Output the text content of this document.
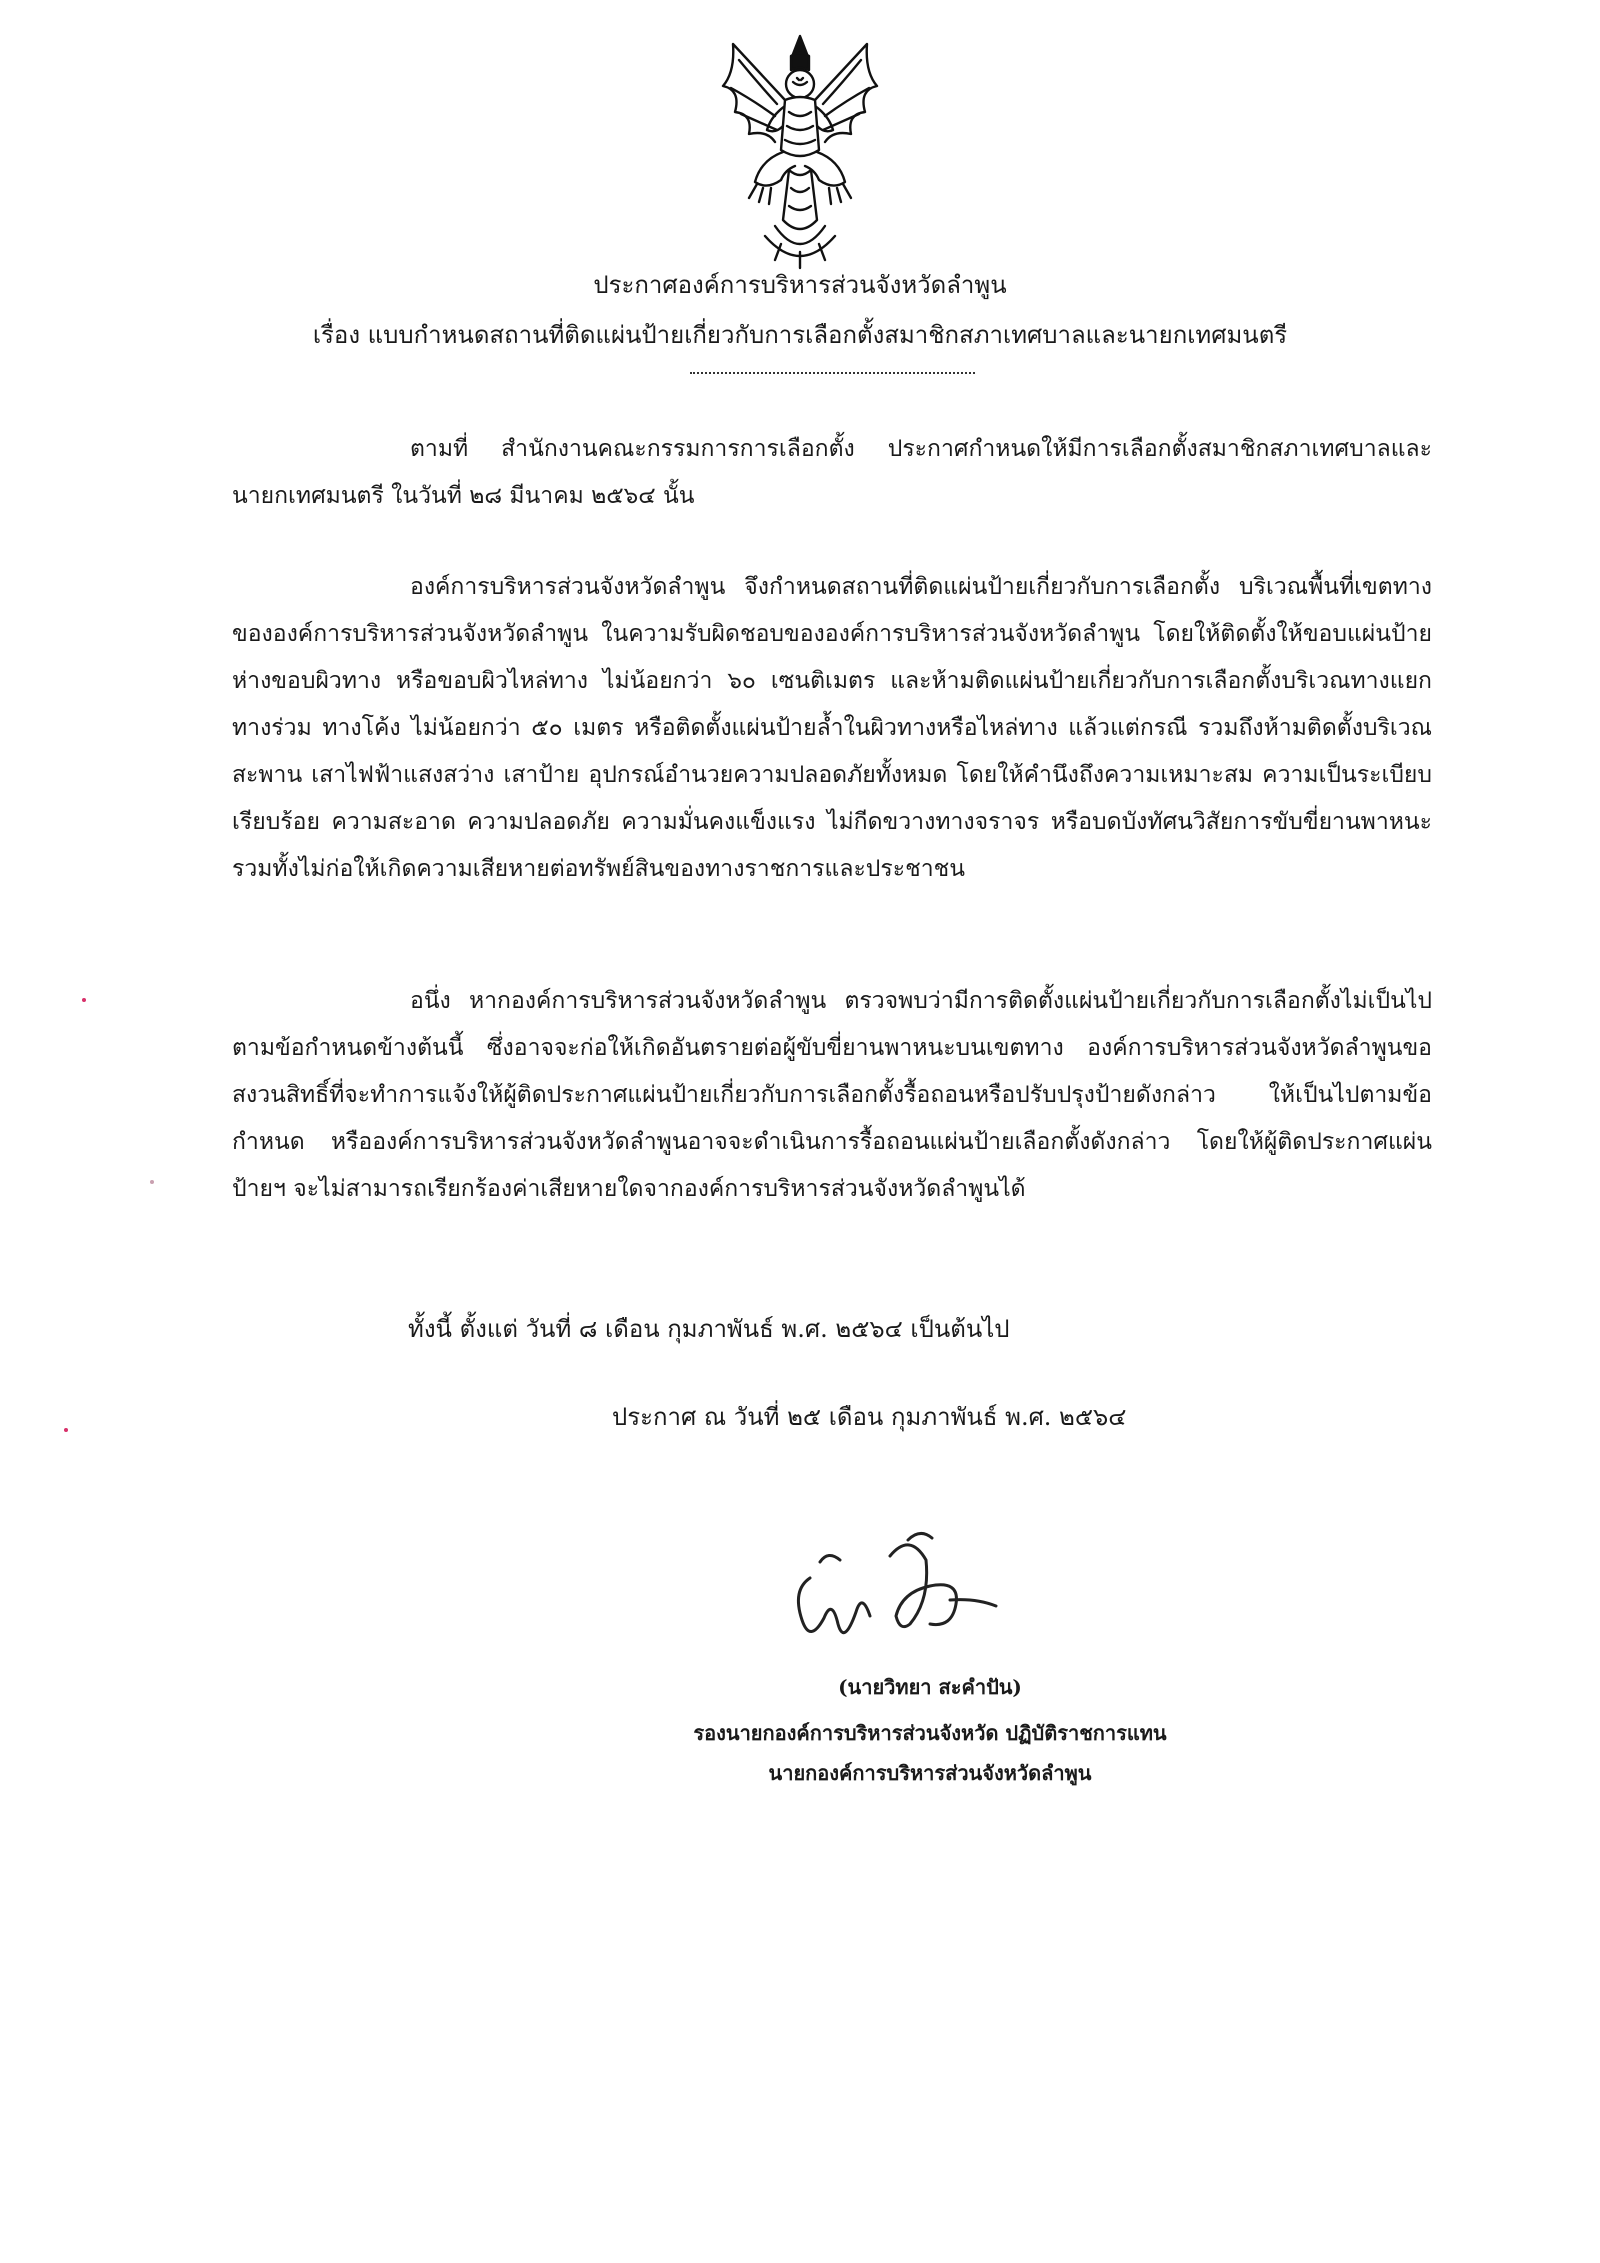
ประกาศองค์การบริหารส่วนจังหวัดลำพูน
เรื่อง แบบกำหนดสถานที่ติดแผ่นป้ายเกี่ยวกับการเลือกตั้งสมาชิกสภาเทศบาลและนายกเทศมนตรี

ตามที่ สำนักงานคณะกรรมการการเลือกตั้ง ประกาศกำหนดให้มีการเลือกตั้งสมาชิกสภาเทศบาลและนายกเทศมนตรี ในวันที่ ๒๘ มีนาคม ๒๕๖๔ นั้น

องค์การบริหารส่วนจังหวัดลำพูน จึงกำหนดสถานที่ติดแผ่นป้ายเกี่ยวกับการเลือกตั้ง บริเวณพื้นที่เขตทางขององค์การบริหารส่วนจังหวัดลำพูน ในความรับผิดชอบขององค์การบริหารส่วนจังหวัดลำพูน โดยให้ติดตั้งให้ขอบแผ่นป้ายห่างขอบผิวทาง หรือขอบผิวไหล่ทาง ไม่น้อยกว่า ๖๐ เซนติเมตร และห้ามติดแผ่นป้ายเกี่ยวกับการเลือกตั้งบริเวณทางแยก ทางร่วม ทางโค้ง ไม่น้อยกว่า ๕๐ เมตร หรือติดตั้งแผ่นป้ายล้ำในผิวทางหรือไหล่ทาง แล้วแต่กรณี รวมถึงห้ามติดตั้งบริเวณสะพาน เสาไฟฟ้าแสงสว่าง เสาป้าย อุปกรณ์อำนวยความปลอดภัยทั้งหมด โดยให้คำนึงถึงความเหมาะสม ความเป็นระเบียบเรียบร้อย ความสะอาด ความปลอดภัย ความมั่นคงแข็งแรง ไม่กีดขวางทางจราจร หรือบดบังทัศนวิสัยการขับขี่ยานพาหนะ รวมทั้งไม่ก่อให้เกิดความเสียหายต่อทรัพย์สินของทางราชการและประชาชน

อนึ่ง หากองค์การบริหารส่วนจังหวัดลำพูน ตรวจพบว่ามีการติดตั้งแผ่นป้ายเกี่ยวกับการเลือกตั้งไม่เป็นไปตามข้อกำหนดข้างต้นนี้ ซึ่งอาจจะก่อให้เกิดอันตรายต่อผู้ขับขี่ยานพาหนะบนเขตทาง องค์การบริหารส่วนจังหวัดลำพูนขอสงวนสิทธิ์ที่จะทำการแจ้งให้ผู้ติดประกาศแผ่นป้ายเกี่ยวกับการเลือกตั้งรื้อถอนหรือปรับปรุงป้ายดังกล่าว ให้เป็นไปตามข้อกำหนด หรือองค์การบริหารส่วนจังหวัดลำพูนอาจจะดำเนินการรื้อถอนแผ่นป้ายเลือกตั้งดังกล่าว โดยให้ผู้ติดประกาศแผ่นป้ายฯ จะไม่สามารถเรียกร้องค่าเสียหายใดจากองค์การบริหารส่วนจังหวัดลำพูนได้

ทั้งนี้ ตั้งแต่ วันที่ ๘ เดือน กุมภาพันธ์ พ.ศ. ๒๕๖๔ เป็นต้นไป
ประกาศ ณ วันที่ ๒๕ เดือน กุมภาพันธ์ พ.ศ. ๒๕๖๔
(นายวิทยา สะคำปัน)
รองนายกองค์การบริหารส่วนจังหวัด ปฏิบัติราชการแทน
นายกองค์การบริหารส่วนจังหวัดลำพูน
